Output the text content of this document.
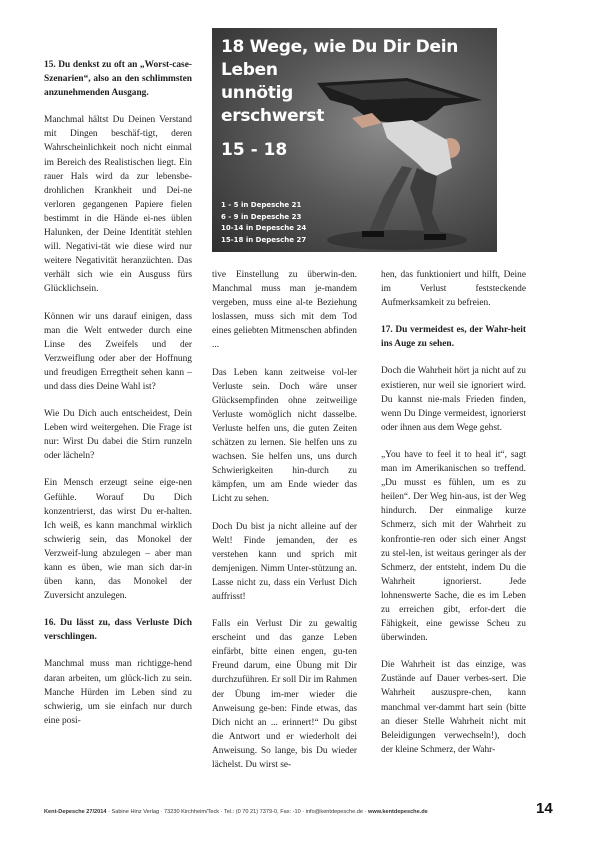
15. Du denkst zu oft an „Worst-case-Szenarien“, also an den schlimmsten anzunehmenden Ausgang.

Manchmal hältst Du Deinen Verstand mit Dingen beschäf-tigt, deren Wahrscheinlichkeit noch nicht einmal im Bereich des Realistischen liegt. Ein rauer Hals wird da zur lebensbe-drohlichen Krankheit und Dei-ne verloren gegangenen Papiere fielen bestimmt in die Hände ei-nes üblen Halunken, der Deine Identität stehlen will. Negativi-tät wie diese wird nur weitere Negativität heranzüchten. Das verhält sich wie ein Ausguss fürs Glücklichsein.

Können wir uns darauf einigen, dass man die Welt entweder durch eine Linse des Zweifels und der Verzweiflung oder aber der Hoffnung und freudigen Erregtheit sehen kann – und dass dies Deine Wahl ist?

Wie Du Dich auch entscheidest, Dein Leben wird weitergehen. Die Frage ist nur: Wirst Du dabei die Stirn runzeln oder lächeln?

Ein Mensch erzeugt seine eige-nen Gefühle. Worauf Du Dich konzentrierst, das wirst Du er-halten. Ich weiß, es kann manchmal wirklich schwierig sein, das Monokel der Verzweif-lung abzulegen – aber man kann es üben, wie man sich dar-in üben kann, das Monokel der Zuversicht anzulegen.

16. Du lässt zu, dass Verluste Dich verschlingen.

Manchmal muss man richtigge-hend daran arbeiten, um glück-lich zu sein. Manche Hürden im Leben sind zu schwierig, um sie einfach nur durch eine posi-

18 Wege, wie Du Dir Dein Leben
unnötig
erschwerst
15 - 18
1 - 5 in Depesche 21
6 - 9 in Depesche 23
10-14 in Depesche 24
15-18 in Depesche 27

tive Einstellung zu überwin-den. Manchmal muss man je-mandem vergeben, muss eine al-te Beziehung loslassen, muss sich mit dem Tod eines geliebten Mitmenschen abfinden ...

Das Leben kann zeitweise vol-ler Verluste sein. Doch wäre unser Glücksempfinden ohne zeitweilige Verluste womöglich nicht dasselbe. Verluste helfen uns, die guten Zeiten schätzen zu lernen. Sie helfen uns zu wachsen. Sie helfen uns, uns durch Schwierigkeiten hin-durch zu kämpfen, um am Ende wieder das Licht zu sehen.

Doch Du bist ja nicht alleine auf der Welt! Finde jemanden, der es verstehen kann und sprich mit demjenigen. Nimm Unter-stützung an. Lasse nicht zu, dass ein Verlust Dich auffrisst!

Falls ein Verlust Dir zu gewaltig erscheint und das ganze Leben einfärbt, bitte einen engen, gu-ten Freund darum, eine Übung mit Dir durchzuführen. Er soll Dir im Rahmen der Übung im-mer wieder die Anweisung ge-ben: Finde etwas, das Dich nicht an ... erinnert!“ Du gibst die Antwort und er wiederholt dei Anweisung. So lange, bis Du wieder lächelst. Du wirst se-

hen, das funktioniert und hilft, Deine im Verlust feststeckende Aufmerksamkeit zu befreien.

17. Du vermeidest es, der Wahr-heit ins Auge zu sehen.

Doch die Wahrheit hört ja nicht auf zu existieren, nur weil sie ignoriert wird. Du kannst nie-mals Frieden finden, wenn Du Dinge vermeidest, ignorierst oder ihnen aus dem Wege gehst.

„You have to feel it to heal it“, sagt man im Amerikanischen so treffend. „Du musst es fühlen, um es zu heilen“. Der Weg hin-aus, ist der Weg hindurch. Der einmalige kurze Schmerz, sich mit der Wahrheit zu konfrontie-ren oder sich einer Angst zu stel-len, ist weitaus geringer als der Schmerz, der entsteht, indem Du die Wahrheit ignorierst. Jede lohnenswerte Sache, die es im Leben zu erreichen gibt, erfor-dert die Fähigkeit, eine gewisse Scheu zu überwinden.

Die Wahrheit ist das einzige, was Zustände auf Dauer verbes-sert. Die Wahrheit auszuspre-chen, kann manchmal ver-dammt hart sein (bitte an dieser Stelle Wahrheit nicht mit Beleidigungen verwechseln!), doch der kleine Schmerz, der Wahr-

Kent-Depesche 27/2014 · Sabine Hinz Verlag · 73230 Kirchheim/Teck · Tel.: (0 70 21) 7379-0, Fax: -10 · info@kentdepesche.de · www.kentdepesche.de	14
